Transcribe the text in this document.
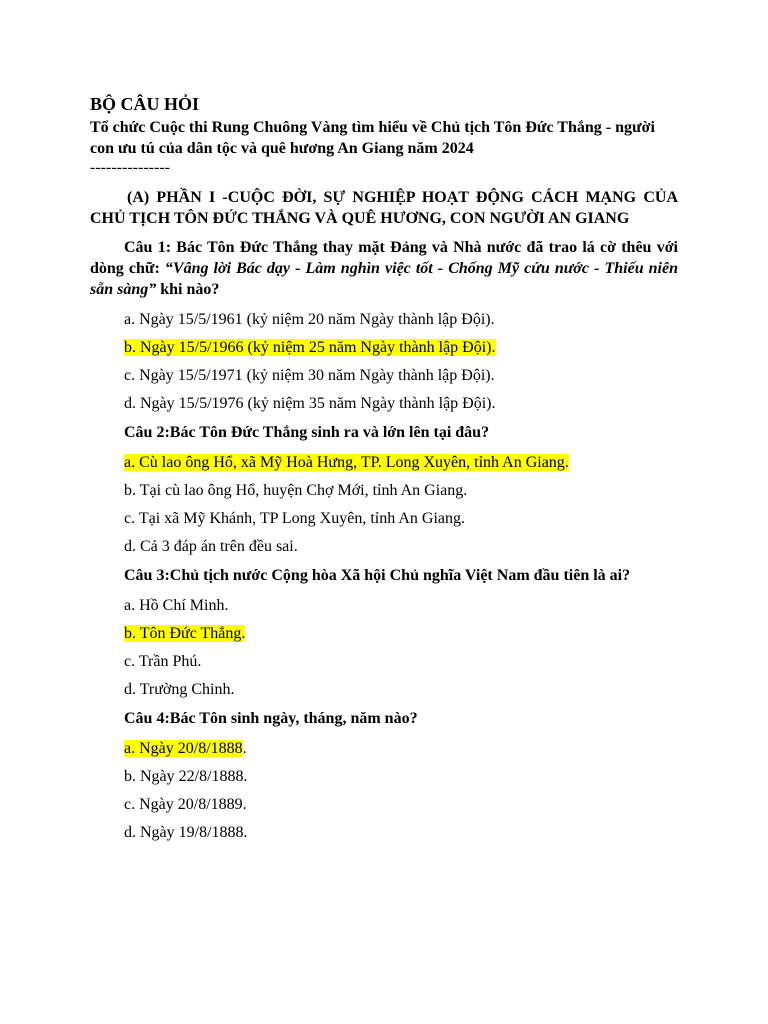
BỘ CÂU HỎI

Tổ chức Cuộc thi Rung Chuông Vàng tìm hiểu về Chủ tịch Tôn Đức Thắng - người con ưu tú của dân tộc và quê hương An Giang năm 2024

---------------

(A) PHẦN I -CUỘC ĐỜI, SỰ NGHIỆP HOẠT ĐỘNG CÁCH MẠNG CỦA CHỦ TỊCH TÔN ĐỨC THẮNG VÀ QUÊ HƯƠNG, CON NGƯỜI AN GIANG

Câu 1: Bác Tôn Đức Thắng thay mặt Đảng và Nhà nước đã trao lá cờ thêu với dòng chữ: “Vâng lời Bác dạy - Làm nghìn việc tốt - Chống Mỹ cứu nước - Thiếu niên sẵn sàng” khi nào?

a. Ngày 15/5/1961 (kỷ niệm 20 năm Ngày thành lập Đội).

b. Ngày 15/5/1966 (kỷ niệm 25 năm Ngày thành lập Đội).

c. Ngày 15/5/1971 (kỷ niệm 30 năm Ngày thành lập Đội).

d. Ngày 15/5/1976 (kỷ niệm 35 năm Ngày thành lập Đội).

Câu 2:Bác Tôn Đức Thắng sinh ra và lớn lên tại đâu?

a. Cù lao ông Hổ, xã Mỹ Hoà Hưng, TP. Long Xuyên, tỉnh An Giang.

b. Tại cù lao ông Hổ, huyện Chợ Mới, tỉnh An Giang.

c. Tại xã Mỹ Khánh, TP Long Xuyên, tỉnh An Giang.

d. Cả 3 đáp án trên đều sai.

Câu 3:Chủ tịch nước Cộng hòa Xã hội Chủ nghĩa Việt Nam đầu tiên là ai?

a. Hồ Chí Minh.

b. Tôn Đức Thắng.

c. Trần Phú.

d. Trường Chinh.

Câu 4:Bác Tôn sinh ngày, tháng, năm nào?

a. Ngày 20/8/1888.

b. Ngày 22/8/1888.

c. Ngày 20/8/1889.

d. Ngày 19/8/1888.
